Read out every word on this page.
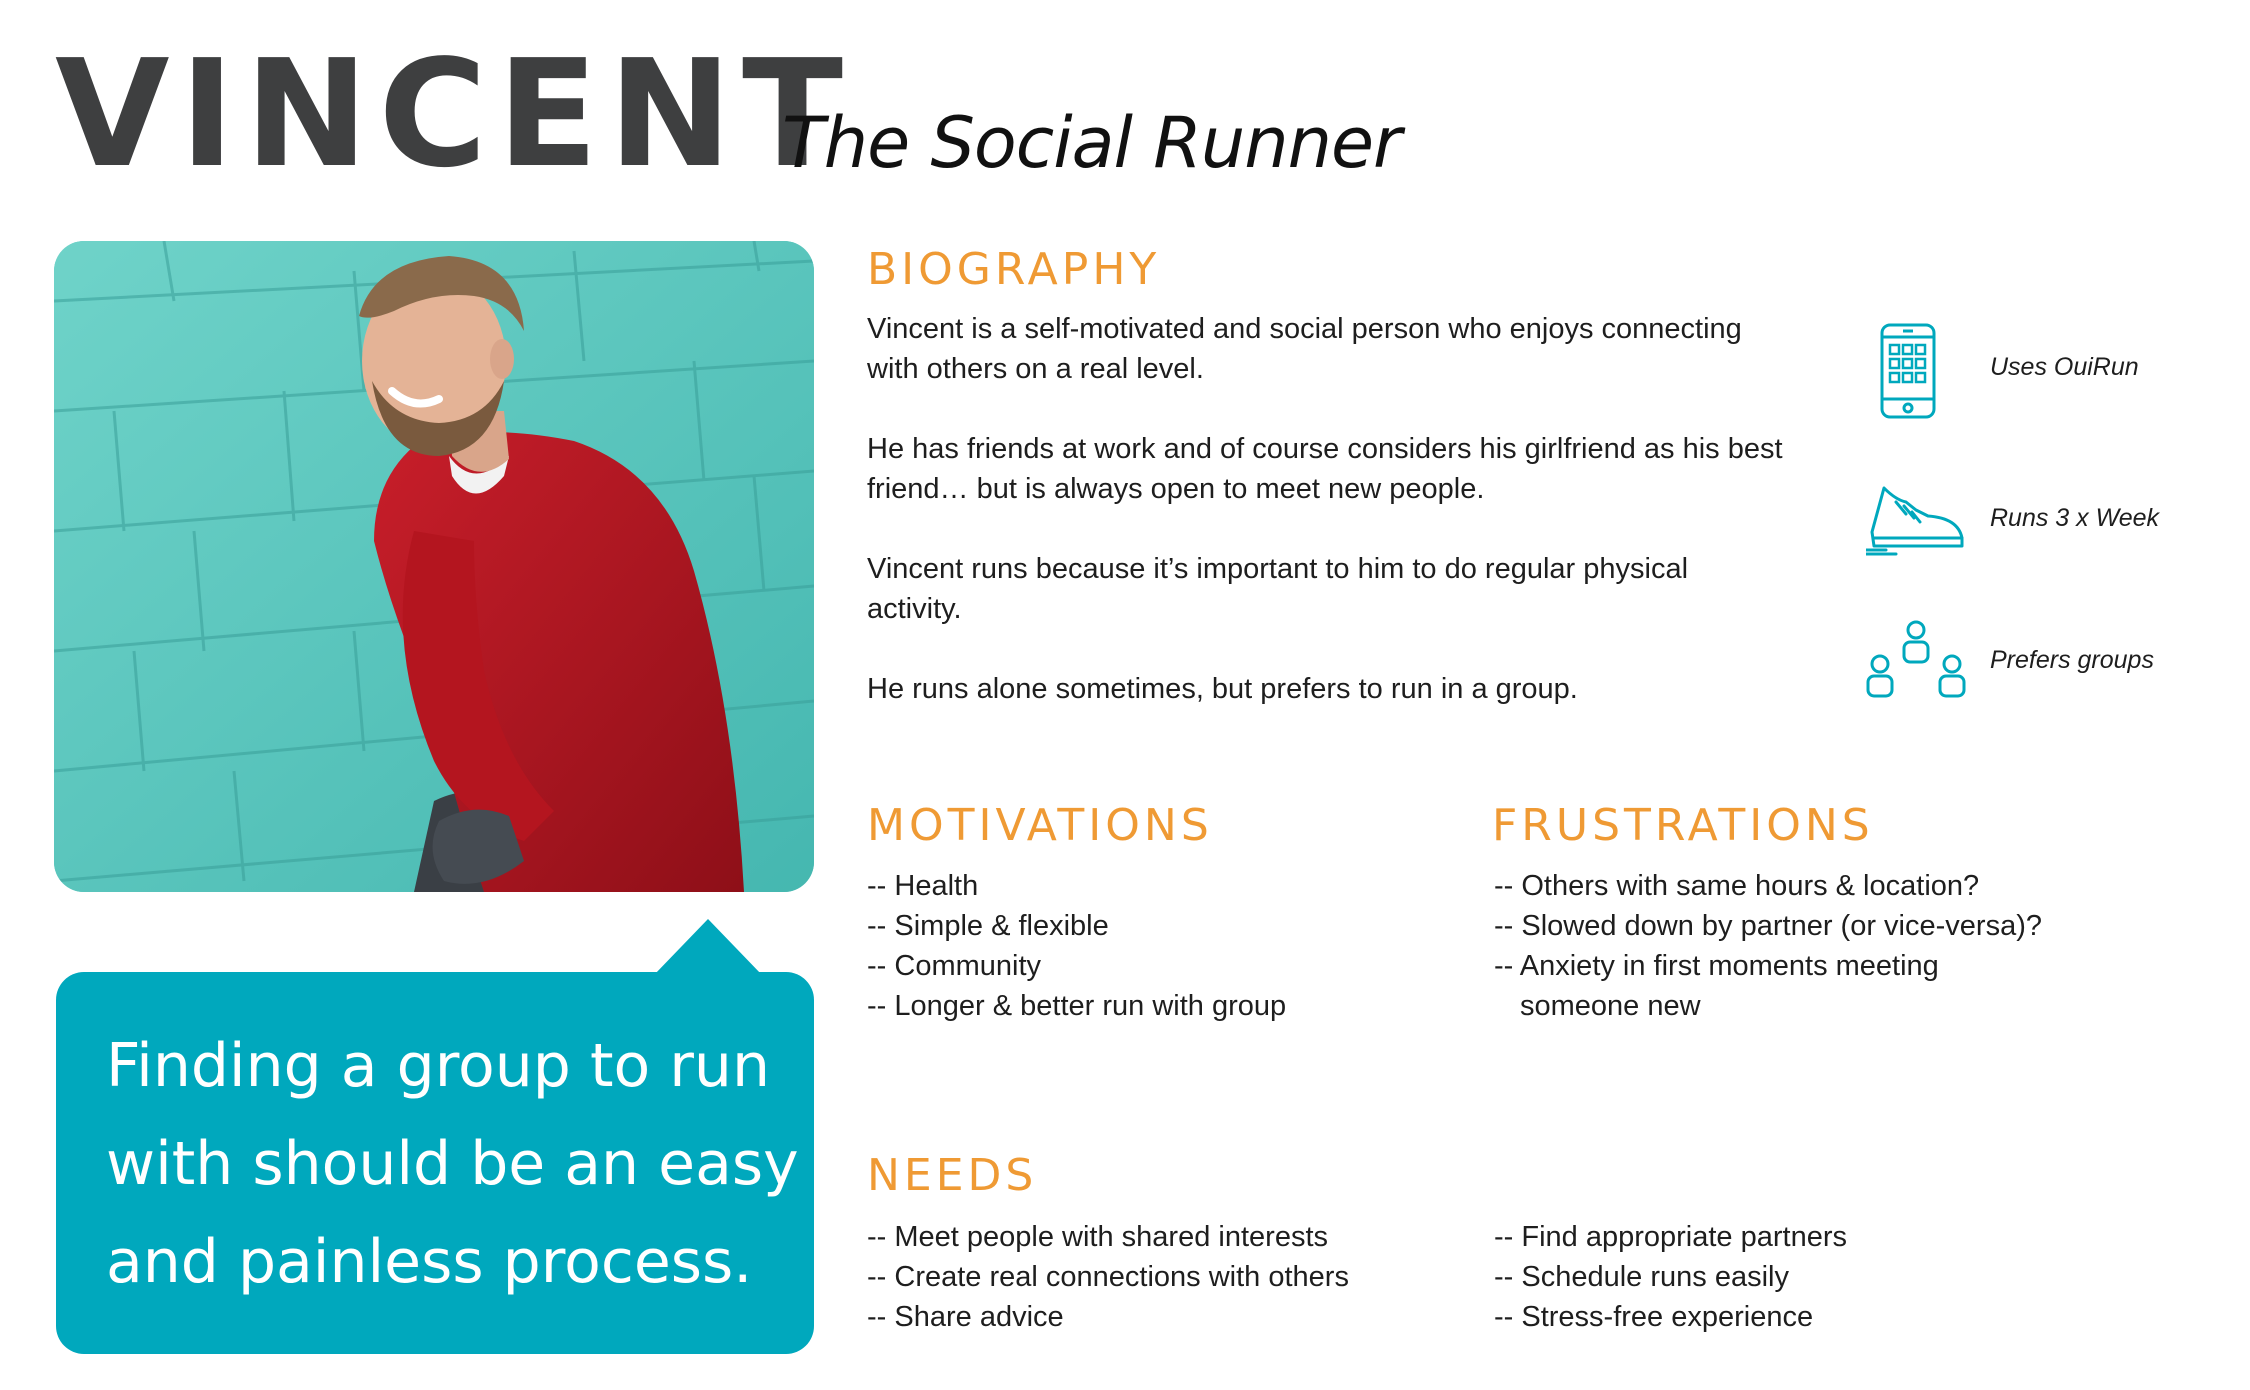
VINCENT
The Social Runner

Finding a group to run with should be an easy and painless process.

BIOGRAPHY

Vincent is a self-motivated and social person who enjoys connecting with others on a real level.

He has friends at work and of course considers his girlfriend as his best friend… but is always open to meet new people.

Vincent runs because it’s important to him to do regular physical activity.

He runs alone sometimes, but prefers to run in a group.

Uses OuiRun

Runs 3 x Week

Prefers groups

MOTIVATIONS
-- Health
-- Simple & flexible
-- Community
-- Longer & better run with group
FRUSTRATIONS
-- Others with same hours & location?
-- Slowed down by partner (or vice-versa)?
-- Anxiety in first moments meeting
someone new
NEEDS
-- Meet people with shared interests
-- Create real connections with others
-- Share advice
-- Find appropriate partners
-- Schedule runs easily
-- Stress-free experience
